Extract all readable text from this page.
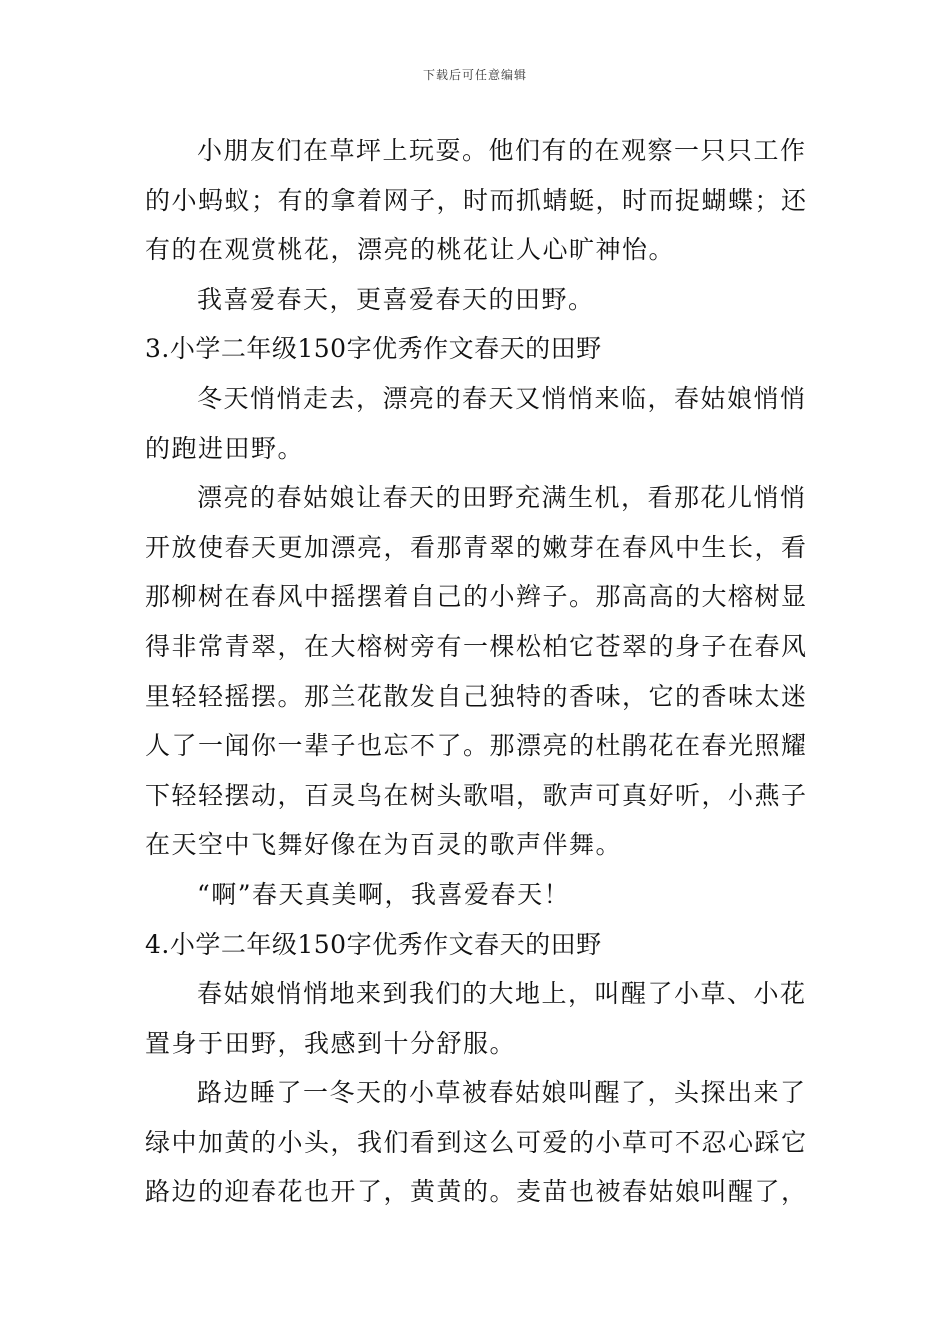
下载后可任意编辑
小朋友们在草坪上玩耍。他们有的在观察一只只工作
的小蚂蚁；有的拿着网子，时而抓蜻蜓，时而捉蝴蝶；还
有的在观赏桃花，漂亮的桃花让人心旷神怡。
我喜爱春天，更喜爱春天的田野。
3.小学二年级150字优秀作文春天的田野
冬天悄悄走去，漂亮的春天又悄悄来临，春姑娘悄悄
的跑进田野。
漂亮的春姑娘让春天的田野充满生机，看那花儿悄悄
开放使春天更加漂亮，看那青翠的嫩芽在春风中生长，看
那柳树在春风中摇摆着自己的小辫子。那高高的大榕树显
得非常青翠，在大榕树旁有一棵松柏它苍翠的身子在春风
里轻轻摇摆。那兰花散发自己独特的香味，它的香味太迷
人了一闻你一辈子也忘不了。那漂亮的杜鹃花在春光照耀
下轻轻摆动，百灵鸟在树头歌唱，歌声可真好听，小燕子
在天空中飞舞好像在为百灵的歌声伴舞。
“啊”春天真美啊，我喜爱春天！
4.小学二年级150字优秀作文春天的田野
春姑娘悄悄地来到我们的大地上，叫醒了小草、小花
置身于田野，我感到十分舒服。
路边睡了一冬天的小草被春姑娘叫醒了，头探出来了
绿中加黄的小头，我们看到这么可爱的小草可不忍心踩它
路边的迎春花也开了，黄黄的。麦苗也被春姑娘叫醒了，
